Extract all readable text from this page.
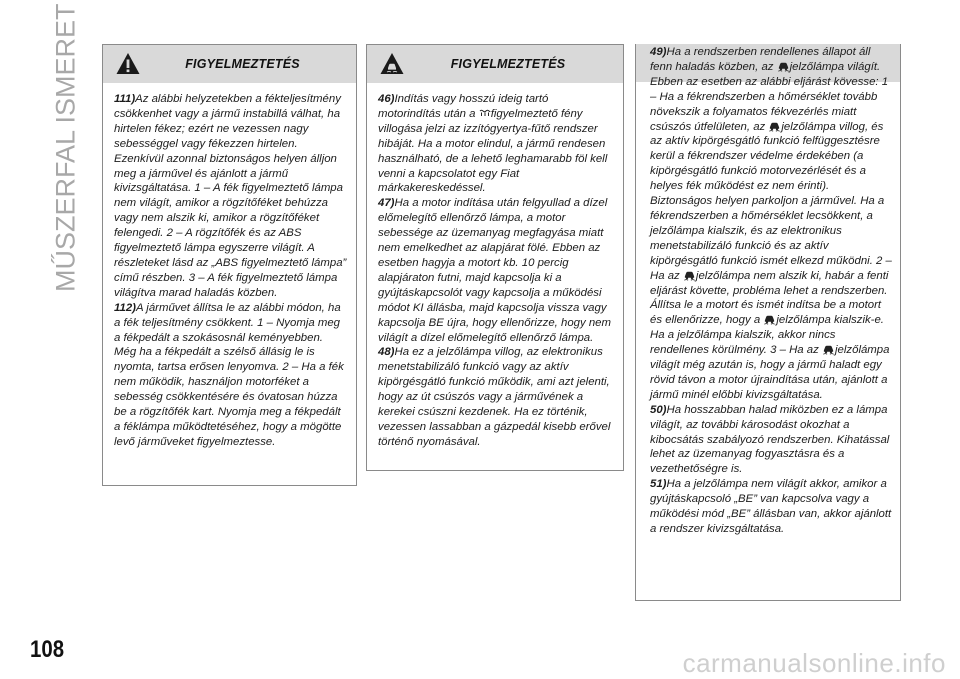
MŰSZERFAL ISMERET	FIGYELMEZTETÉS

111)Az alábbi helyzetekben a fékteljesítmény csökkenhet vagy a jármű instabillá válhat, ha hirtelen fékez; ezért ne vezessen nagy sebességgel vagy fékezzen hirtelen. Ezenkívül azonnal biztonságos helyen álljon meg a járművel és ajánlott a jármű kivizsgáltatása. 1 – A fék figyelmeztető lámpa nem világít, amikor a rögzítőféket behúzza vagy nem alszik ki, amikor a rögzítőféket felengedi. 2 – A rögzítőfék és az ABS figyelmeztető lámpa egyszerre világít. A részleteket lásd az „ABS figyelmeztető lámpa” című részben. 3 – A fék figyelmeztető lámpa világítva marad haladás közben.

112)A járművet állítsa le az alábbi módon, ha a fék teljesítmény csökkent. 1 – Nyomja meg a fékpedált a szokásosnál keményebben. Még ha a fékpedált a szélső állásig le is nyomta, tartsa erősen lenyomva. 2 – Ha a fék nem működik, használjon motorféket a sebesség csökkentésére és óvatosan húzza be a rögzítőfék kart. Nyomja meg a fékpedált a féklámpa működtetéséhez, hogy a mögötte levő járműveket figyelmeztesse.

FIGYELMEZTETÉS

46)Indítás vagy hosszú ideig tartó motorindítás után a figyelmeztető fény villogása jelzi az izzítógyertya-fűtő rendszer hibáját. Ha a motor elindul, a jármű rendesen használható, de a lehető leghamarabb föl kell venni a kapcsolatot egy Fiat márkakereskedéssel.

47)Ha a motor indítása után felgyullad a dízel előmelegítő ellenőrző lámpa, a motor sebessége az üzemanyag megfagyása miatt nem emelkedhet az alapjárat fölé. Ebben az esetben hagyja a motort kb. 10 percig alapjáraton futni, majd kapcsolja ki a gyújtáskapcsolót vagy kapcsolja a működési módot KI állásba, majd kapcsolja vissza vagy kapcsolja BE újra, hogy ellenőrizze, hogy nem világít a dízel előmelegítő ellenőrző lámpa.

48)Ha ez a jelzőlámpa villog, az elektronikus menetstabilizáló funkció vagy az aktív kipörgésgátló funkció működik, ami azt jelenti, hogy az út csúszós vagy a járművének a kerekei csúszni kezdenek. Ha ez történik, vezessen lassabban a gázpedál kisebb erővel történő nyomásával.

49)Ha a rendszerben rendellenes állapot áll fenn haladás közben, az jelzőlámpa világít. Ebben az esetben az alábbi eljárást kövesse: 1 – Ha a fékrendszerben a hőmérséklet tovább növekszik a folyamatos fékvezérlés miatt csúszós útfelületen, az jelzőlámpa villog, és az aktív kipörgésgátló funkció felfüggesztésre kerül a fékrendszer védelme érdekében (a kipörgésgátló funkció motorvezérlését és a helyes fék működést ez nem érinti). Biztonságos helyen parkoljon a járművel. Ha a fékrendszerben a hőmérséklet lecsökkent, a jelzőlámpa kialszik, és az elektronikus menetstabilizáló funkció és az aktív kipörgésgátló funkció ismét elkezd működni. 2 – Ha az jelzőlámpa nem alszik ki, habár a fenti eljárást követte, probléma lehet a rendszerben. Állítsa le a motort és ismét indítsa be a motort és ellenőrizze, hogy a jelzőlámpa kialszik-e. Ha a jelzőlámpa kialszik, akkor nincs rendellenes körülmény. 3 – Ha az jelzőlámpa világít még azután is, hogy a jármű haladt egy rövid távon a motor újraindítása után, ajánlott a jármű minél előbbi kivizsgáltatása.

50)Ha hosszabban halad miközben ez a lámpa világít, az további károsodást okozhat a kibocsátás szabályozó rendszerben. Kihatással lehet az üzemanyag fogyasztásra és a vezethetőségre is.

51)Ha a jelzőlámpa nem világít akkor, amikor a gyújtáskapcsoló „BE” van kapcsolva vagy a működési mód „BE” állásban van, akkor ajánlott a rendszer kivizsgáltatása.

108	carmanualsonline.info
